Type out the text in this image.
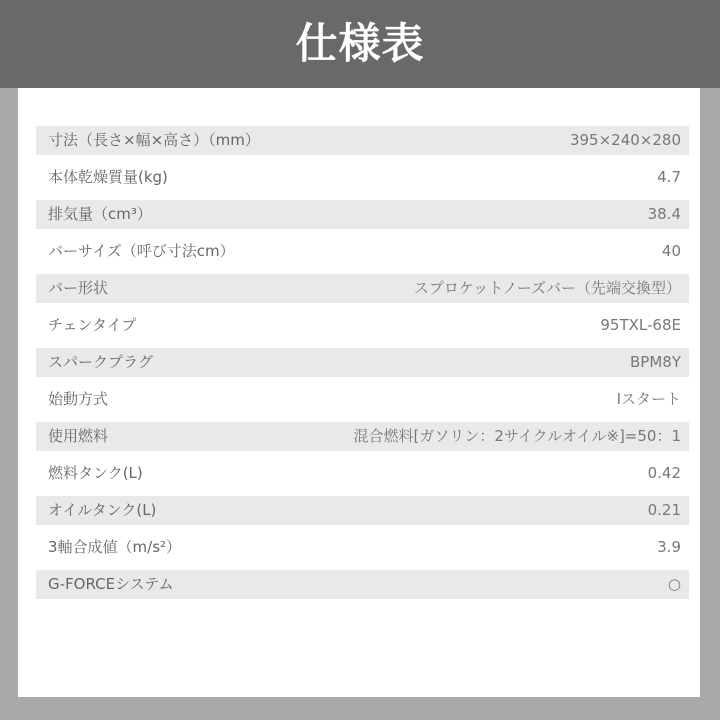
仕様表
寸法（長さ×幅×高さ）（mm）	395×240×280
本体乾燥質量(kg)	4.7
排気量（cm³）	38.4
バーサイズ（呼び寸法cm）	40
バー形状	スプロケットノーズバー（先端交換型）
チェンタイプ	95TXL-68E
スパークプラグ	BPM8Y
始動方式	Iスタート
使用燃料	混合燃料[ガソリン：2サイクルオイル※]=50：1
燃料タンク(L)	0.42
オイルタンク(L)	0.21
3軸合成値（m/s²）	3.9
G-FORCEシステム	○
